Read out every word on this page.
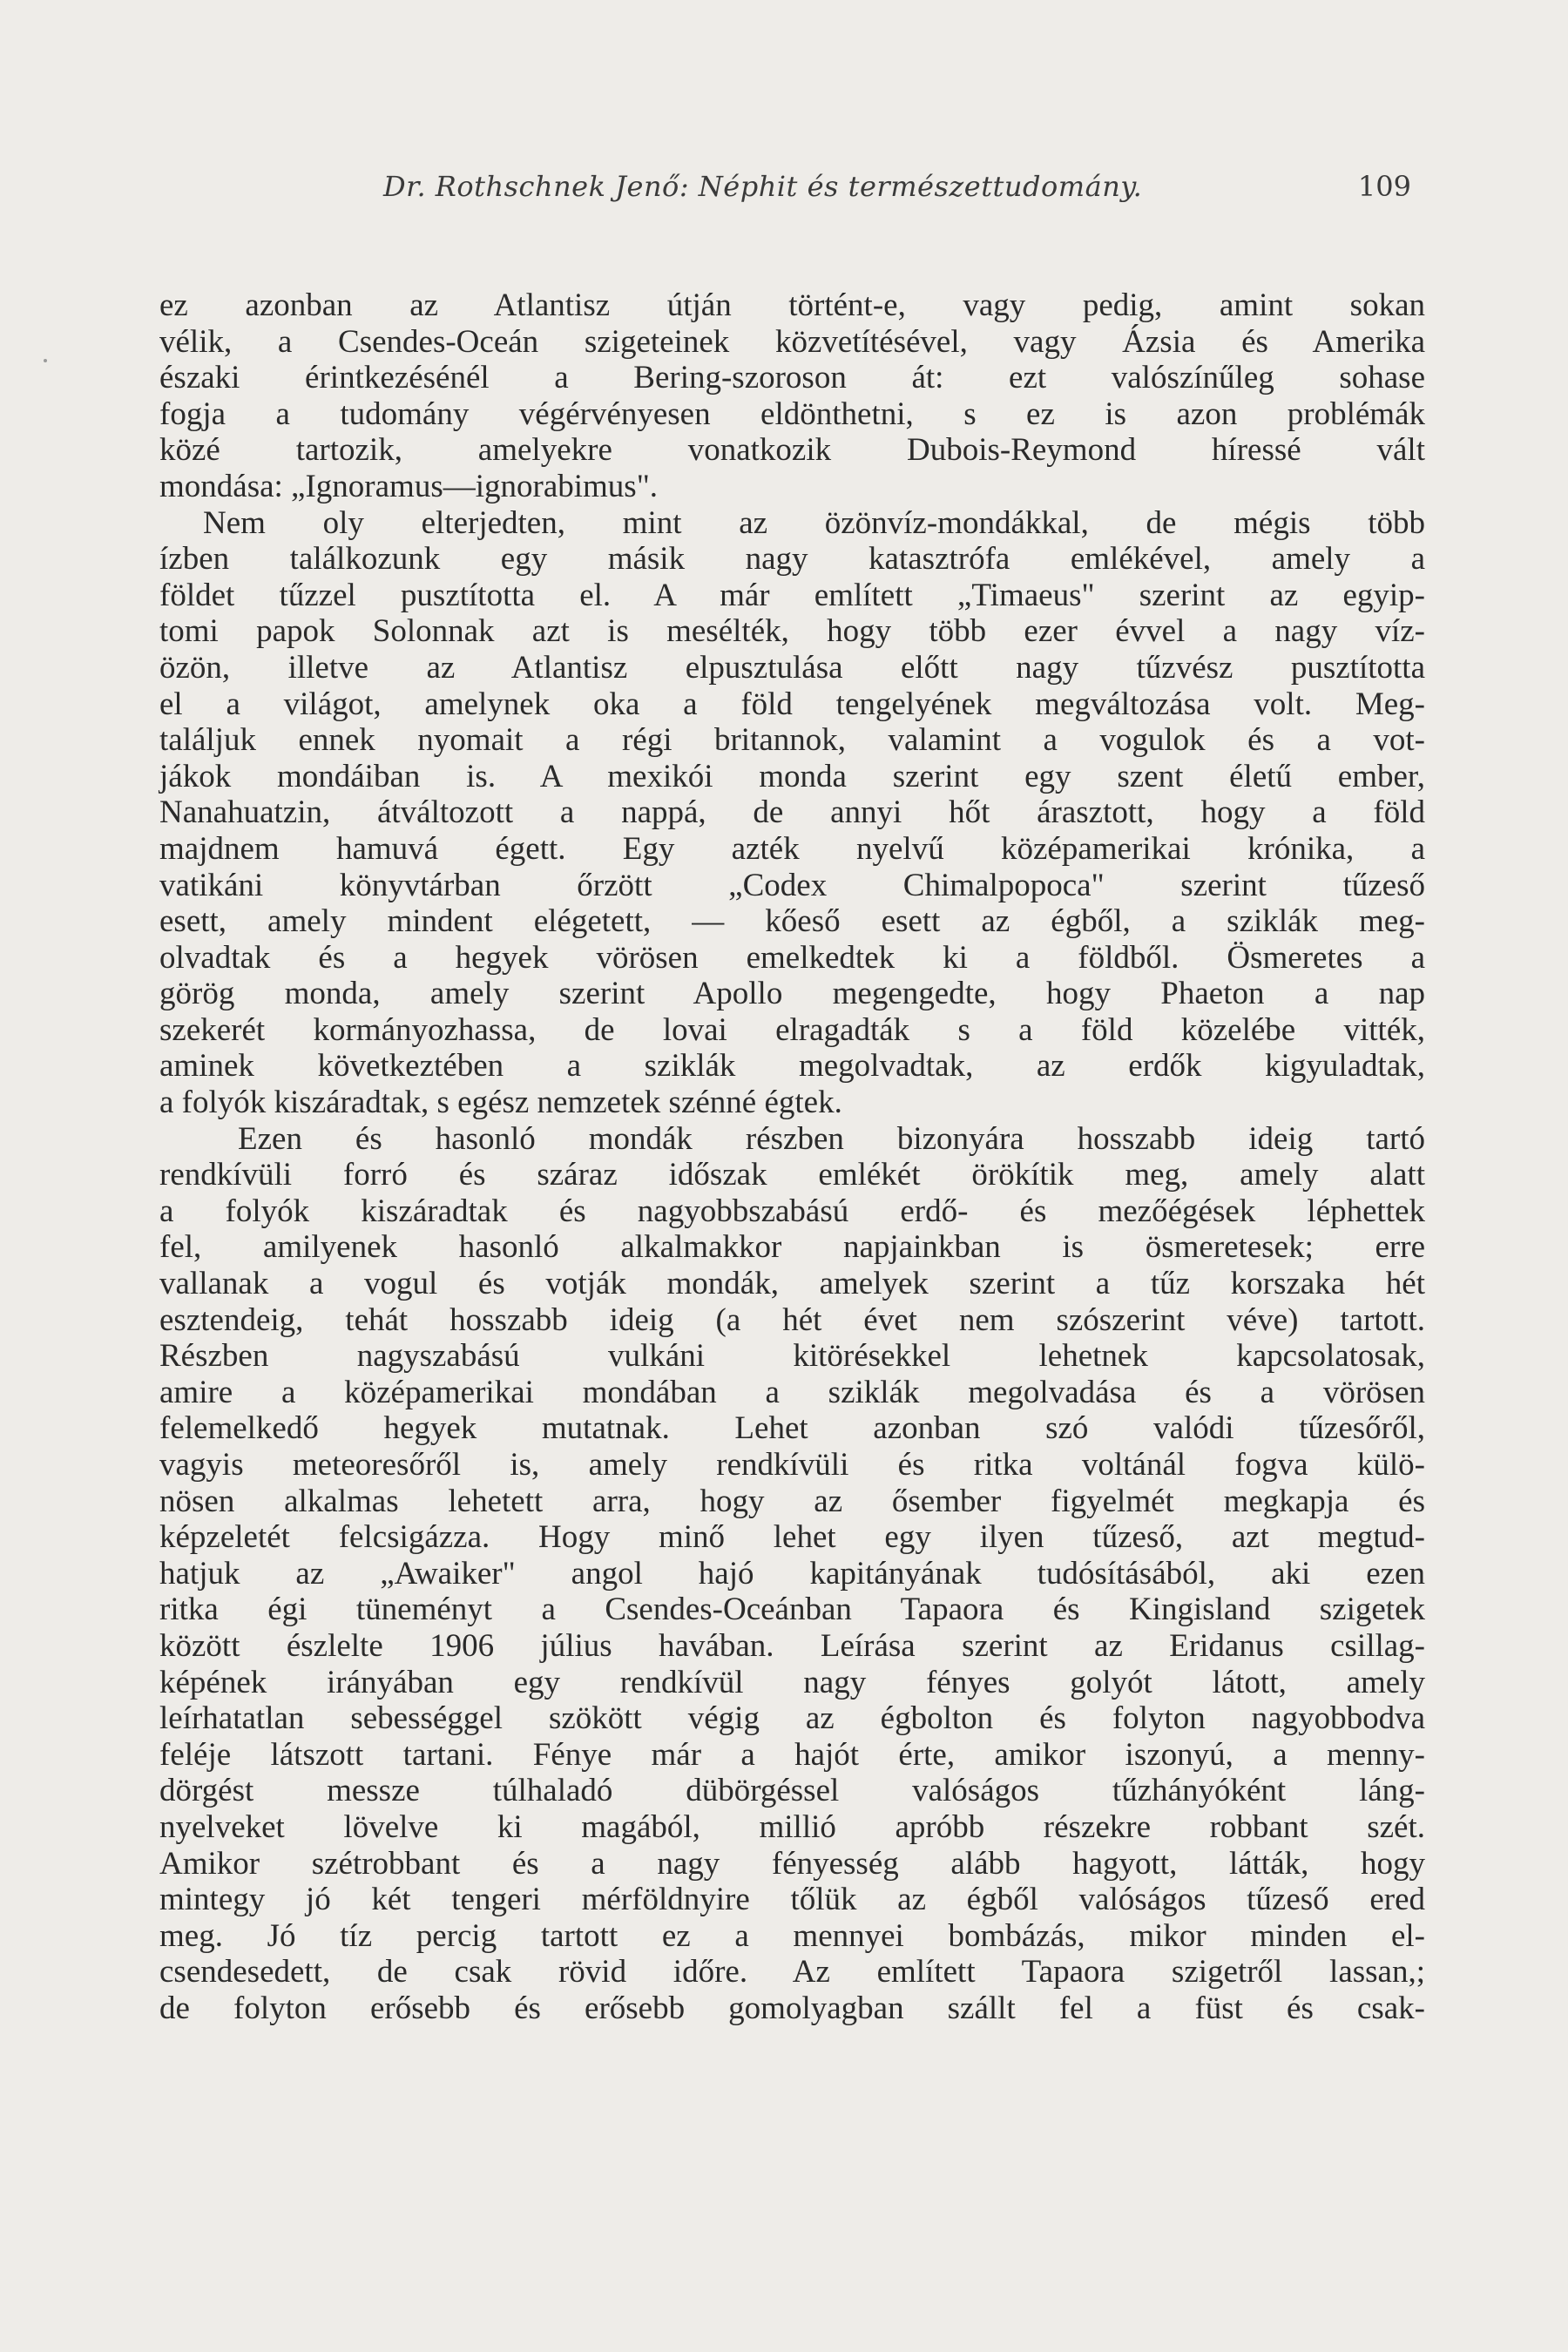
Dr. Rothschnek Jenő: Néphit és természettudomány.	109
ez azonban az Atlantisz útján történt-e, vagy pedig, amint sokan
vélik, a Csendes-Oceán szigeteinek közvetítésével, vagy Ázsia és Amerika
északi érintkezésénél a Bering-szoroson át: ezt valószínűleg sohase
fogja a tudomány végérvényesen eldönthetni, s ez is azon problémák
közé tartozik, amelyekre vonatkozik Dubois-Reymond híressé vált
mondása: „Ignoramus—ignorabimus".
Nem oly elterjedten, mint az özönvíz-mondákkal, de mégis több
ízben találkozunk egy másik nagy katasztrófa emlékével, amely a
földet tűzzel pusztította el. A már említett „Timaeus" szerint az egyip-
tomi papok Solonnak azt is mesélték, hogy több ezer évvel a nagy víz-
özön, illetve az Atlantisz elpusztulása előtt nagy tűzvész pusztította
el a világot, amelynek oka a föld tengelyének megváltozása volt. Meg-
találjuk ennek nyomait a régi britannok, valamint a vogulok és a vot-
jákok mondáiban is. A mexikói monda szerint egy szent életű ember,
Nanahuatzin, átváltozott a nappá, de annyi hőt árasztott, hogy a föld
majdnem hamuvá égett. Egy azték nyelvű középamerikai krónika, a
vatikáni könyvtárban őrzött „Codex Chimalpopoca" szerint tűzeső
esett, amely mindent elégetett, — kőeső esett az égből, a sziklák meg-
olvadtak és a hegyek vörösen emelkedtek ki a földből. Ösmeretes a
görög monda, amely szerint Apollo megengedte, hogy Phaeton a nap
szekerét kormányozhassa, de lovai elragadták s a föld közelébe vitték,
aminek következtében a sziklák megolvadtak, az erdők kigyuladtak,
a folyók kiszáradtak, s egész nemzetek szénné égtek.
Ezen és hasonló mondák részben bizonyára hosszabb ideig tartó
rendkívüli forró és száraz időszak emlékét örökítik meg, amely alatt
a folyók kiszáradtak és nagyobbszabású erdő- és mezőégések léphettek
fel, amilyenek hasonló alkalmakkor napjainkban is ösmeretesek; erre
vallanak a vogul és votják mondák, amelyek szerint a tűz korszaka hét
esztendeig, tehát hosszabb ideig (a hét évet nem szószerint véve) tartott.
Részben nagyszabású vulkáni kitörésekkel lehetnek kapcsolatosak,
amire a középamerikai mondában a sziklák megolvadása és a vörösen
felemelkedő hegyek mutatnak. Lehet azonban szó valódi tűzesőről,
vagyis meteoresőről is, amely rendkívüli és ritka voltánál fogva külö-
nösen alkalmas lehetett arra, hogy az ősember figyelmét megkapja és
képzeletét felcsigázza. Hogy minő lehet egy ilyen tűzeső, azt megtud-
hatjuk az „Awaiker" angol hajó kapitányának tudósításából, aki ezen
ritka égi tüneményt a Csendes-Oceánban Tapaora és Kingisland szigetek
között észlelte 1906 július havában. Leírása szerint az Eridanus csillag-
képének irányában egy rendkívül nagy fényes golyót látott, amely
leírhatatlan sebességgel szökött végig az égbolton és folyton nagyobbodva
feléje látszott tartani. Fénye már a hajót érte, amikor iszonyú, a menny-
dörgést messze túlhaladó dübörgéssel valóságos tűzhányóként láng-
nyelveket lövelve ki magából, millió apróbb részekre robbant szét.
Amikor szétrobbant és a nagy fényesség alább hagyott, látták, hogy
mintegy jó két tengeri mérföldnyire tőlük az égből valóságos tűzeső ered
meg. Jó tíz percig tartott ez a mennyei bombázás, mikor minden el-
csendesedett, de csak rövid időre. Az említett Tapaora szigetről lassan,;
de folyton erősebb és erősebb gomolyagban szállt fel a füst és csak-
